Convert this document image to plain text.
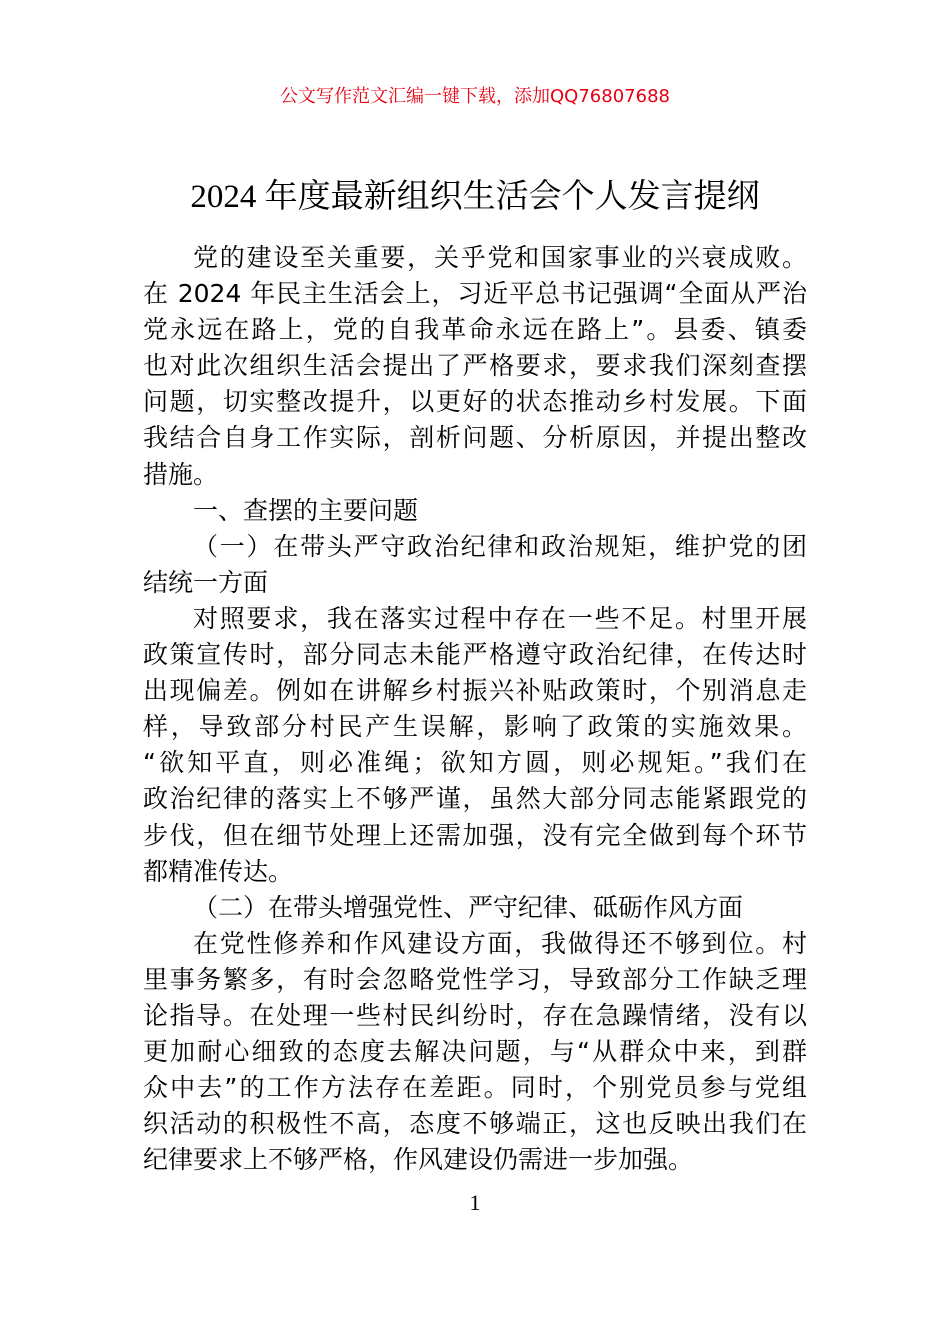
公文写作范文汇编一键下载，添加QQ76807688
2024 年度最新组织生活会个人发言提纲
党的建设至关重要，关乎党和国家事业的兴衰成败。
在 2024 年民主生活会上，习近平总书记强调“全面从严治
党永远在路上，党的自我革命永远在路上”。县委、镇委
也对此次组织生活会提出了严格要求，要求我们深刻查摆
问题，切实整改提升，以更好的状态推动乡村发展。下面
我结合自身工作实际，剖析问题、分析原因，并提出整改
措施。
一、查摆的主要问题
（一）在带头严守政治纪律和政治规矩，维护党的团
结统一方面
对照要求，我在落实过程中存在一些不足。村里开展
政策宣传时，部分同志未能严格遵守政治纪律，在传达时
出现偏差。例如在讲解乡村振兴补贴政策时，个别消息走
样，导致部分村民产生误解，影响了政策的实施效果。
“欲知平直，则必准绳；欲知方圆，则必规矩。”我们在
政治纪律的落实上不够严谨，虽然大部分同志能紧跟党的
步伐，但在细节处理上还需加强，没有完全做到每个环节
都精准传达。
（二）在带头增强党性、严守纪律、砥砺作风方面
在党性修养和作风建设方面，我做得还不够到位。村
里事务繁多，有时会忽略党性学习，导致部分工作缺乏理
论指导。在处理一些村民纠纷时，存在急躁情绪，没有以
更加耐心细致的态度去解决问题，与“从群众中来，到群
众中去”的工作方法存在差距。同时，个别党员参与党组
织活动的积极性不高，态度不够端正，这也反映出我们在
纪律要求上不够严格，作风建设仍需进一步加强。
1
